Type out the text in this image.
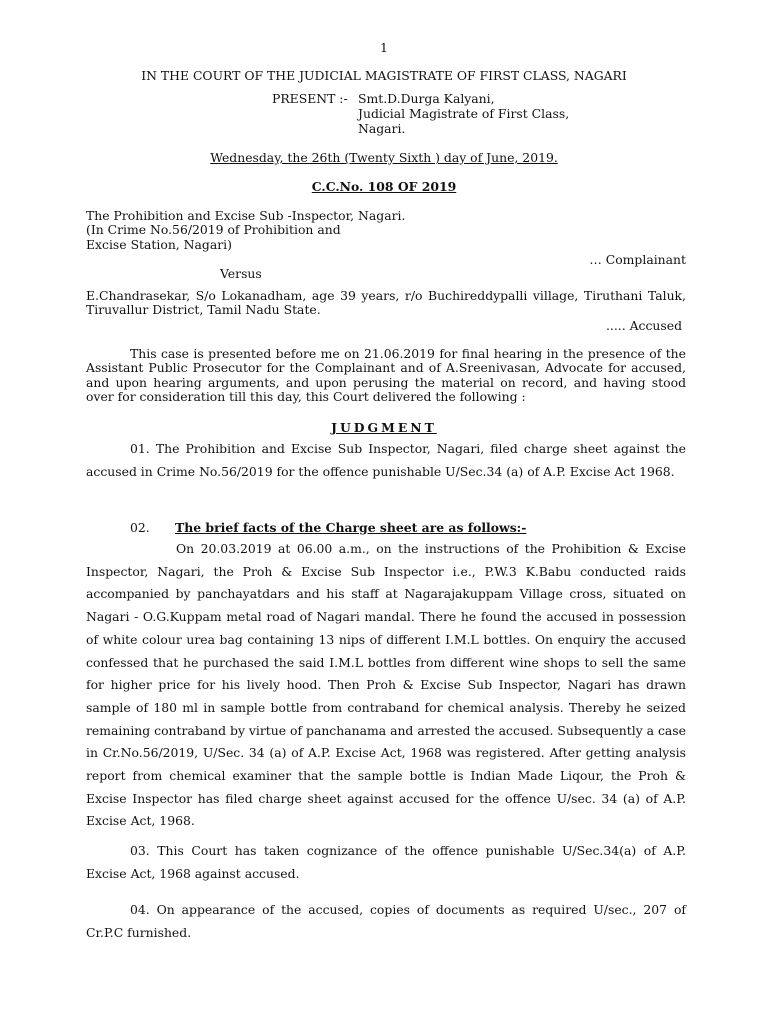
1

IN THE COURT OF THE JUDICIAL MAGISTRATE OF FIRST CLASS, NAGARI

PRESENT :- Smt.D.Durga Kalyani,

Judicial Magistrate of First Class,

Nagari.

Wednesday, the 26th (Twenty Sixth ) day of June, 2019.

C.C.No. 108 OF 2019

The Prohibition and Excise Sub -Inspector, Nagari.

(In Crime No.56/2019 of Prohibition and

Excise Station, Nagari)

… Complainant

Versus

E.Chandrasekar, S/o Lokanadham, age 39 years, r/o Buchireddypalli village, Tiruthani Taluk, Tiruvallur District, Tamil Nadu State.

..... Accused

This case is presented before me on 21.06.2019 for final hearing in the presence of the Assistant Public Prosecutor for the Complainant and of A.Sreenivasan, Advocate for accused, and upon hearing arguments, and upon perusing the material on record, and having stood over for consideration till this day, this Court delivered the following :

JUDGMENT

01. The Prohibition and Excise Sub Inspector, Nagari, filed charge sheet against the accused in Crime No.56/2019 for the offence punishable U/Sec.34 (a) of A.P. Excise Act 1968.

02. The brief facts of the Charge sheet are as follows:-

On 20.03.2019 at 06.00 a.m., on the instructions of the Prohibition & Excise Inspector, Nagari, the Proh & Excise Sub Inspector i.e., P.W.3 K.Babu conducted raids accompanied by panchayatdars and his staff at Nagarajakuppam Village cross, situated on Nagari - O.G.Kuppam metal road of Nagari mandal. There he found the accused in possession of white colour urea bag containing 13 nips of different I.M.L bottles. On enquiry the accused confessed that he purchased the said I.M.L bottles from different wine shops to sell the same for higher price for his lively hood. Then Proh & Excise Sub Inspector, Nagari has drawn sample of 180 ml in sample bottle from contraband for chemical analysis. Thereby he seized remaining contraband by virtue of panchanama and arrested the accused. Subsequently a case in Cr.No.56/2019, U/Sec. 34 (a) of A.P. Excise Act, 1968 was registered. After getting analysis report from chemical examiner that the sample bottle is Indian Made Liqour, the Proh & Excise Inspector has filed charge sheet against accused for the offence U/sec. 34 (a) of A.P. Excise Act, 1968.

03. This Court has taken cognizance of the offence punishable U/Sec.34(a) of A.P. Excise Act, 1968 against accused.

04. On appearance of the accused, copies of documents as required U/sec., 207 of Cr.P.C furnished.
